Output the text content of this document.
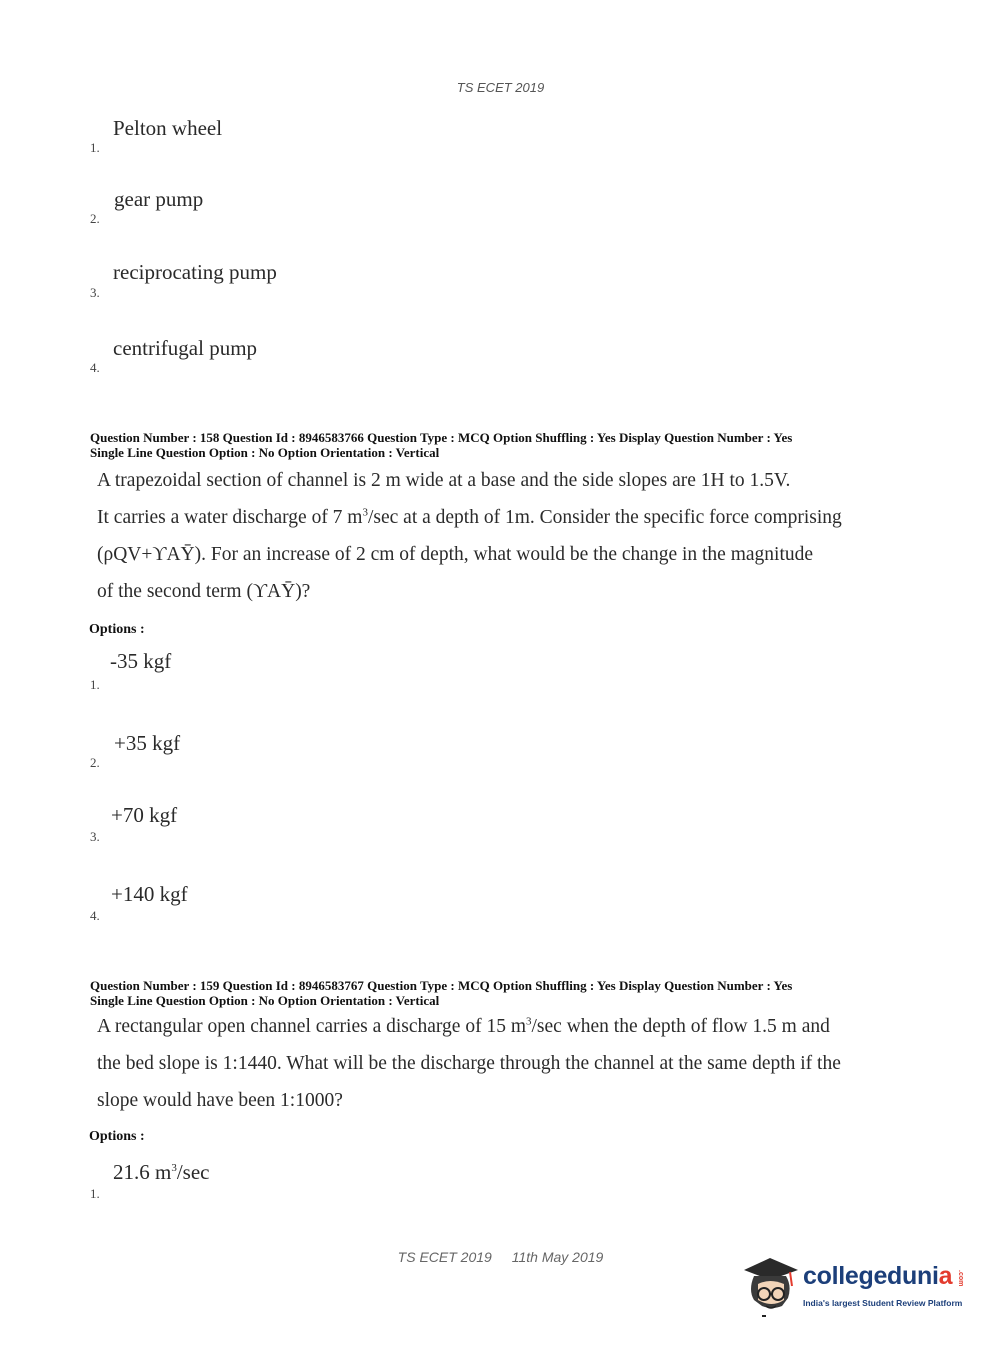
TS ECET 2019
Pelton wheel
1.
gear pump
2.
reciprocating pump
3.
centrifugal pump
4.
Question Number : 158 Question Id : 8946583766 Question Type : MCQ Option Shuffling : Yes Display Question Number : Yes
Single Line Question Option : No Option Orientation : Vertical

A trapezoidal section of channel is 2 m wide at a base and the side slopes are 1H to 1.5V.

It carries a water discharge of 7 $m^3/\sec$ at a depth of 1m. Consider the specific force comprising

(ρQV+ϒAȲ). For an increase of 2 cm of depth, what would be the change in the magnitude

of the second term (ϒAȲ)?

Options :
-35 kgf
1.
+35 kgf
2.
+70 kgf
3.
+140 kgf
4.
Question Number : 159 Question Id : 8946583767 Question Type : MCQ Option Shuffling : Yes Display Question Number : Yes
Single Line Question Option : No Option Orientation : Vertical

A rectangular open channel carries a discharge of 15 $m^3/\sec$ when the depth of flow 1.5 m and

the bed slope is 1:1440. What will be the discharge through the channel at the same depth if the

slope would have been 1:1000?

Options :
21.6 $m^3/\sec$
1.
TS ECET 2019 11th May 2019
collegedunia .com
India's largest Student Review Platform
